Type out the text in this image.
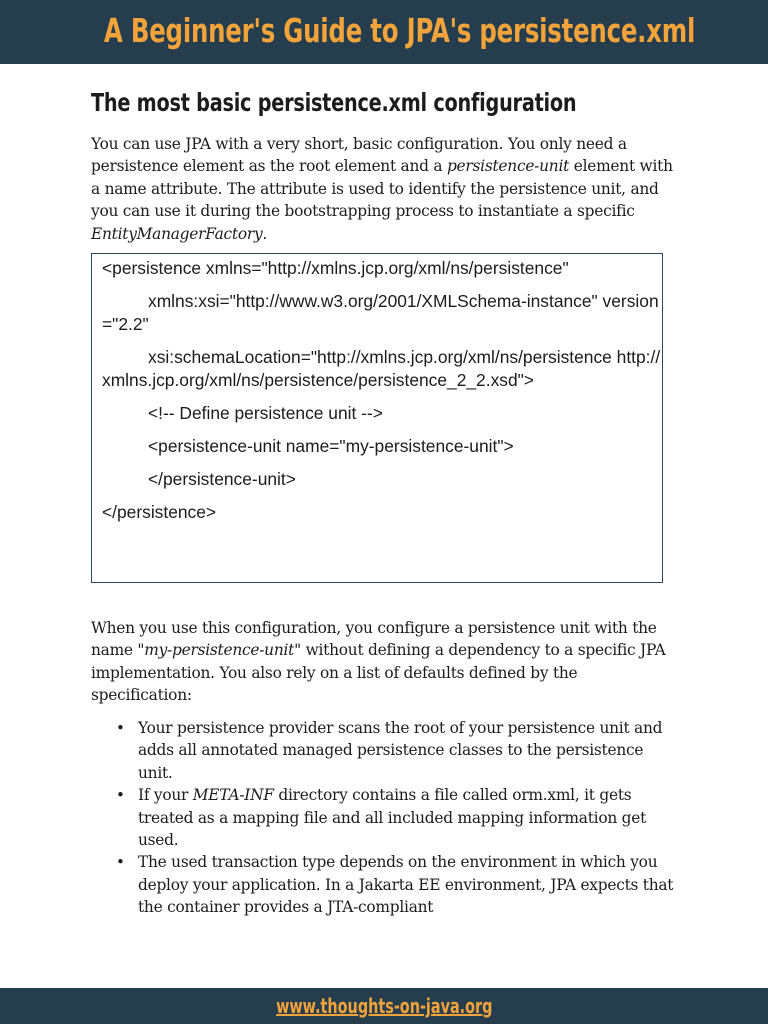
A Beginner's Guide to JPA's persistence.xml
The most basic persistence.xml configuration

You can use JPA with a very short, basic configuration. You only need a persistence element as the root element and a persistence-unit element with a name attribute. The attribute is used to identify the persistence unit, and you can use it during the bootstrapping process to instantiate a specific EntityManagerFactory.

<persistence xmlns="http://xmlns.jcp.org/xml/ns/persistence"
xmlns:xsi="http://www.w3.org/2001/XMLSchema-instance" version="2.2"
xsi:schemaLocation="http://xmlns.jcp.org/xml/ns/persistence http://xmlns.jcp.org/xml/ns/persistence/persistence_2_2.xsd">
<!-- Define persistence unit -->
<persistence-unit name="my-persistence-unit">
</persistence-unit>
</persistence>

When you use this configuration, you configure a persistence unit with the name "my-persistence-unit" without defining a dependency to a specific JPA implementation. You also rely on a list of defaults defined by the specification:

• Your persistence provider scans the root of your persistence unit and adds all annotated managed persistence classes to the persistence unit.
• If your META-INF directory contains a file called orm.xml, it gets treated as a mapping file and all included mapping information get used.
• The used transaction type depends on the environment in which you deploy your application. In a Jakarta EE environment, JPA expects that the container provides a JTA-compliant
www.thoughts-on-java.org
